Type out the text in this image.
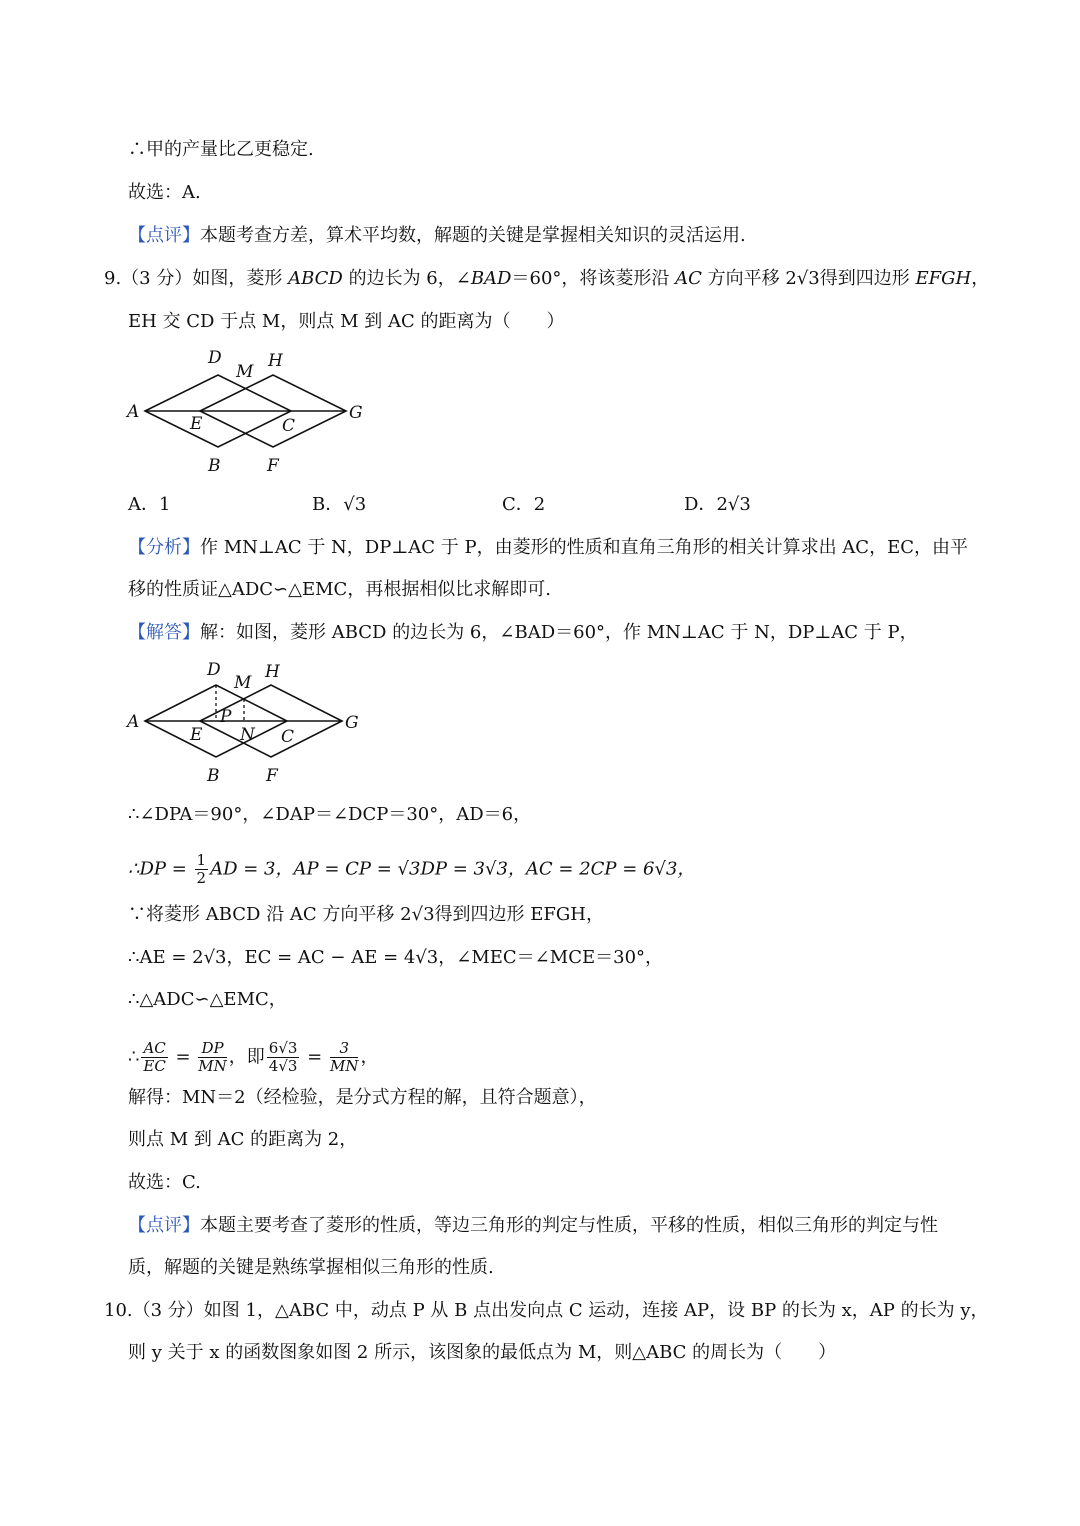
∴甲的产量比乙更稳定.
故选：A.
【点评】本题考查方差，算术平均数，解题的关键是掌握相关知识的灵活运用.
9.（3 分）如图，菱形 ABCD 的边长为 6，∠BAD＝60°，将该菱形沿 AC 方向平移 2√3得到四边形 EFGH，
EH 交 CD 于点 M，则点 M 到 AC 的距离为（　　）
A
D
M
H
G
E	C
B	F
A．1	B．√3	C．2	D．2√3
【分析】作 MN⊥AC 于 N，DP⊥AC 于 P，由菱形的性质和直角三角形的相关计算求出 AC，EC，由平
移的性质证△ADC∽△EMC，再根据相似比求解即可.
【解答】解：如图，菱形 ABCD 的边长为 6，∠BAD＝60°，作 MN⊥AC 于 N，DP⊥AC 于 P，
A
D
M
H
P	G
E N C
B	F
∴∠DPA＝90°，∠DAP＝∠DCP＝30°，AD＝6，
∴DP = $\frac{1}{2}$ AD = 3，AP = CP = √3DP = 3√3，AC = 2CP = 6√3，
∵将菱形 ABCD 沿 AC 方向平移 2√3得到四边形 EFGH，
∴AE = 2√3，EC = AC − AE = 4√3，∠MEC＝∠MCE＝30°，
∴△ADC∽△EMC，
∴ $\frac{AC}{EC} = \frac{DP}{MN}$ ，即 $\frac{6√3}{4√3} = \frac{3}{MN}$ ，
解得：MN＝2（经检验，是分式方程的解，且符合题意），
则点 M 到 AC 的距离为 2，
故选：C.
【点评】本题主要考查了菱形的性质，等边三角形的判定与性质，平移的性质，相似三角形的判定与性
质，解题的关键是熟练掌握相似三角形的性质.
10.（3 分）如图 1，△ABC 中，动点 P 从 B 点出发向点 C 运动，连接 AP，设 BP 的长为 x，AP 的长为 y，
则 y 关于 x 的函数图象如图 2 所示，该图象的最低点为 M，则△ABC 的周长为（　　）
